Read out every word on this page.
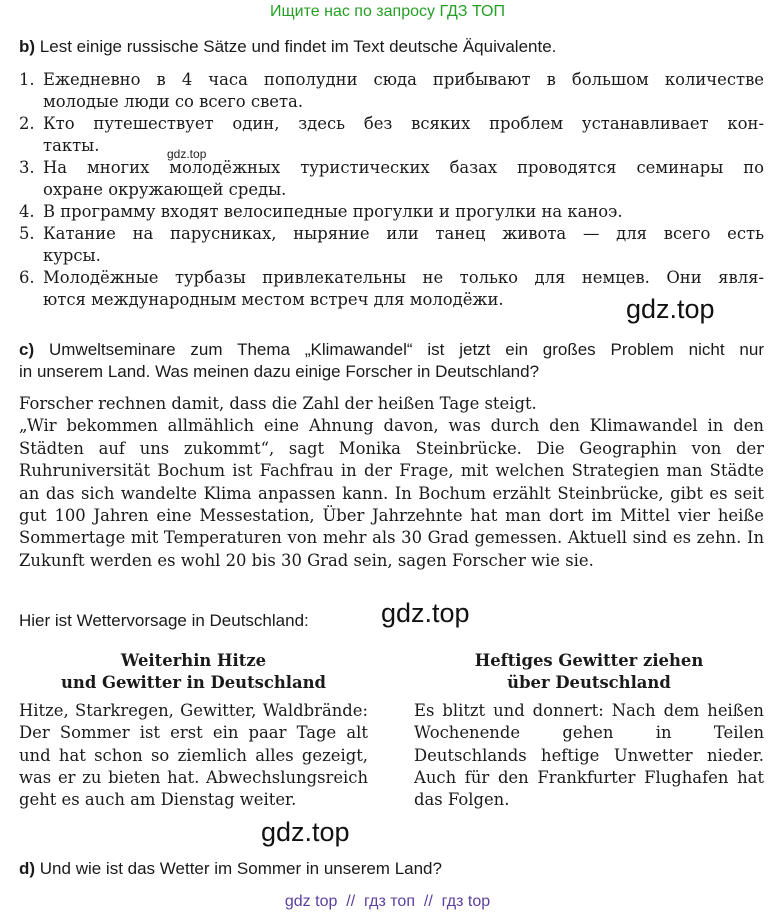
Ищите нас по запросу ГДЗ ТОП
b) Lest einige russische Sätze und findet im Text deutsche Äquivalente.
1. Ежедневно в 4 часа пополудни сюда прибывают в большом количестве
молодые люди со всего света.
2. Кто путешествует один, здесь без всяких проблем устанавливает кон-
такты.
3. На многих молодёжных туристических базах проводятся семинары по
охране окружающей среды.
4. В программу входят велосипедные прогулки и прогулки на каноэ.
5. Катание на парусниках, ныряние или танец живота — для всего есть
курсы.
6. Молодёжные турбазы привлекательны не только для немцев. Они явля-
ются международным местом встреч для молодёжи.
gdz.top
gdz.top
c) Umweltseminare zum Thema „Klimawandel“ ist jetzt ein großes Problem nicht nur
in unserem Land. Was meinen dazu einige Forscher in Deutschland?

Forscher rechnen damit, dass die Zahl der heißen Tage steigt.

„Wir bekommen allmählich eine Ahnung davon, was durch den Klimawandel in den Städten auf uns zukommt“, sagt Monika Steinbrücke. Die Geographin von der Ruhruniversität Bochum ist Fachfrau in der Frage, mit welchen Strategien man Städte an das sich wandelte Klima anpassen kann. In Bochum erzählt Steinbrücke, gibt es seit gut 100 Jahren eine Messestation, Über Jahrzehnte hat man dort im Mittel vier heiße Sommertage mit Temperaturen von mehr als 30 Grad gemessen. Aktuell sind es zehn. In Zukunft werden es wohl 20 bis 30 Grad sein, sagen Forscher wie sie.

Hier ist Wettervorsage in Deutschland:	gdz.top
Weiterhin Hitze
und Gewitter in Deutschland
Hitze, Starkregen, Gewitter, Waldbrände: Der Sommer ist erst ein paar Tage alt und hat schon so ziemlich alles gezeigt, was er zu bieten hat. Abwechslungsreich geht es auch am Dienstag weiter.
Heftiges Gewitter ziehen
über Deutschland
Es blitzt und donnert: Nach dem heißen Wochenende gehen in Teilen Deutschlands heftige Unwetter nieder. Auch für den Frankfurter Flughafen hat das Folgen.
gdz.top
d) Und wie ist das Wetter im Sommer in unserem Land?
gdz top  //  гдз топ  //  гдз top
